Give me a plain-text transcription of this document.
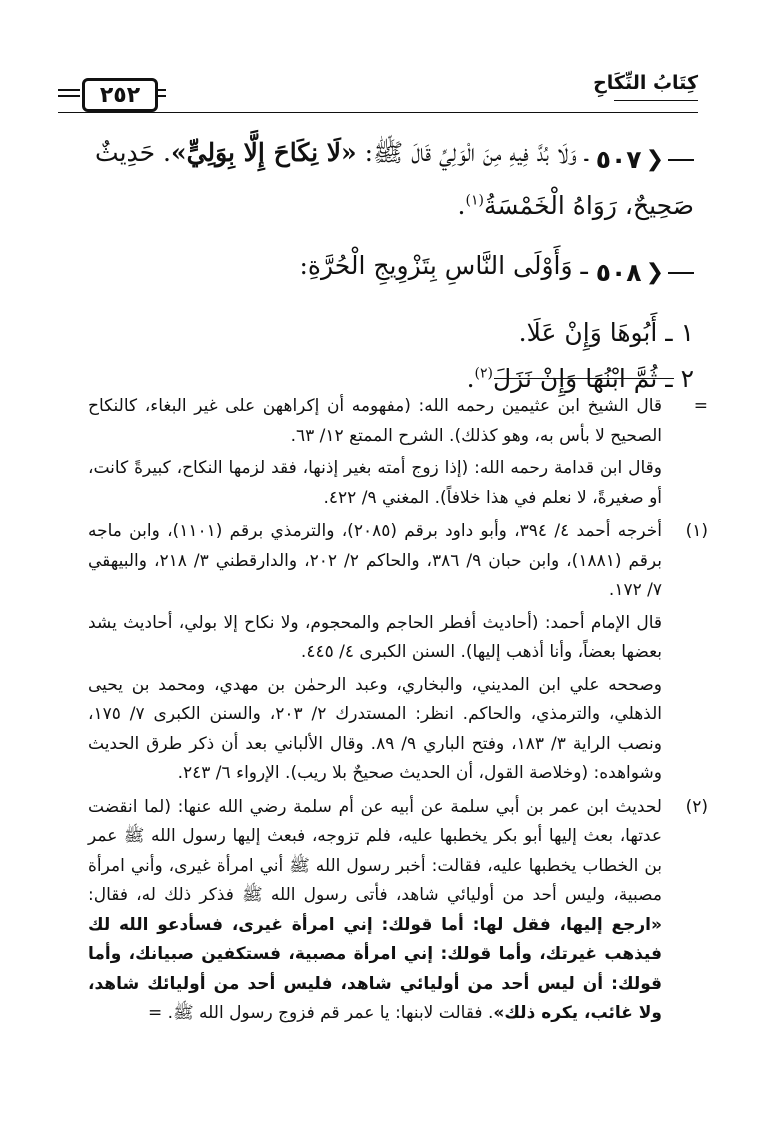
كِتَابُ النِّكَاحِ
٢٥٢

❮
٥٠٧
ـ وَلَا بُدَّ فِيهِ مِنَ الْوَلِيِّ قَالَ ﷺ: «لَا نِكَاحَ إِلَّا بِوَلِيٍّ». حَدِيثٌ صَحِيحٌ، رَوَاهُ الْخَمْسَةُ$^{(١)}$.

❮
٥٠٨
ـ وَأَوْلَى النَّاسِ بِتَزْوِيجِ الْحُرَّةِ:

١ ـ أَبُوهَا وَإِنْ عَلَا.

٢ ـ ثُمَّ ابْنُهَا وَإِنْ نَزَلَ$^{(٢)}$.

=

قال الشيخ ابن عثيمين رحمه الله: (مفهومه أن إكراههن على غير البغاء، كالنكاح الصحيح لا بأس به، وهو كذلك). الشرح الممتع ١٢/ ٦٣.

وقال ابن قدامة رحمه الله: (إذا زوج أمته بغير إذنها، فقد لزمها النكاح، كبيرةً كانت، أو صغيرةً، لا نعلم في هذا خلافاً). المغني ٩/ ٤٢٢.

(١)

أخرجه أحمد ٤/ ٣٩٤، وأبو داود برقم (٢٠٨٥)، والترمذي برقم (١١٠١)، وابن ماجه برقم (١٨٨١)، وابن حبان ٩/ ٣٨٦، والحاكم ٢/ ٢٠٢، والدارقطني ٣/ ٢١٨، والبيهقي ٧/ ١٧٢.

قال الإمام أحمد: (أحاديث أفطر الحاجم والمحجوم، ولا نكاح إلا بولي، أحاديث يشد بعضها بعضاً، وأنا أذهب إليها). السنن الكبرى ٤/ ٤٤٥.

وصححه علي ابن المديني، والبخاري، وعبد الرحمٰن بن مهدي، ومحمد بن يحيى الذهلي، والترمذي، والحاكم. انظر: المستدرك ٢/ ٢٠٣، والسنن الكبرى ٧/ ١٧٥، ونصب الراية ٣/ ١٨٣، وفتح الباري ٩/ ٨٩. وقال الألباني بعد أن ذكر طرق الحديث وشواهده: (وخلاصة القول، أن الحديث صحيحٌ بلا ريب). الإرواء ٦/ ٢٤٣.

(٢)

لحديث ابن عمر بن أبي سلمة عن أبيه عن أم سلمة رضي الله عنها: (لما انقضت عدتها، بعث إليها أبو بكر يخطبها عليه، فلم تزوجه، فبعث إليها رسول الله ﷺ عمر بن الخطاب يخطبها عليه، فقالت: أخبر رسول الله ﷺ أني امرأة غيرى، وأني امرأة مصبية، وليس أحد من أوليائي شاهد، فأتى رسول الله ﷺ فذكر ذلك له، فقال: «ارجع إليها، فقل لها: أما قولك: إني امرأة غيرى، فسأدعو الله لك فيذهب غيرتك، وأما قولك: إني امرأة مصبية، فستكفين صبيانك، وأما قولك: أن ليس أحد من أوليائي شاهد، فليس أحد من أوليائك شاهد، ولا غائب، يكره ذلك». فقالت لابنها: يا عمر قم فزوج رسول الله ﷺ. =
